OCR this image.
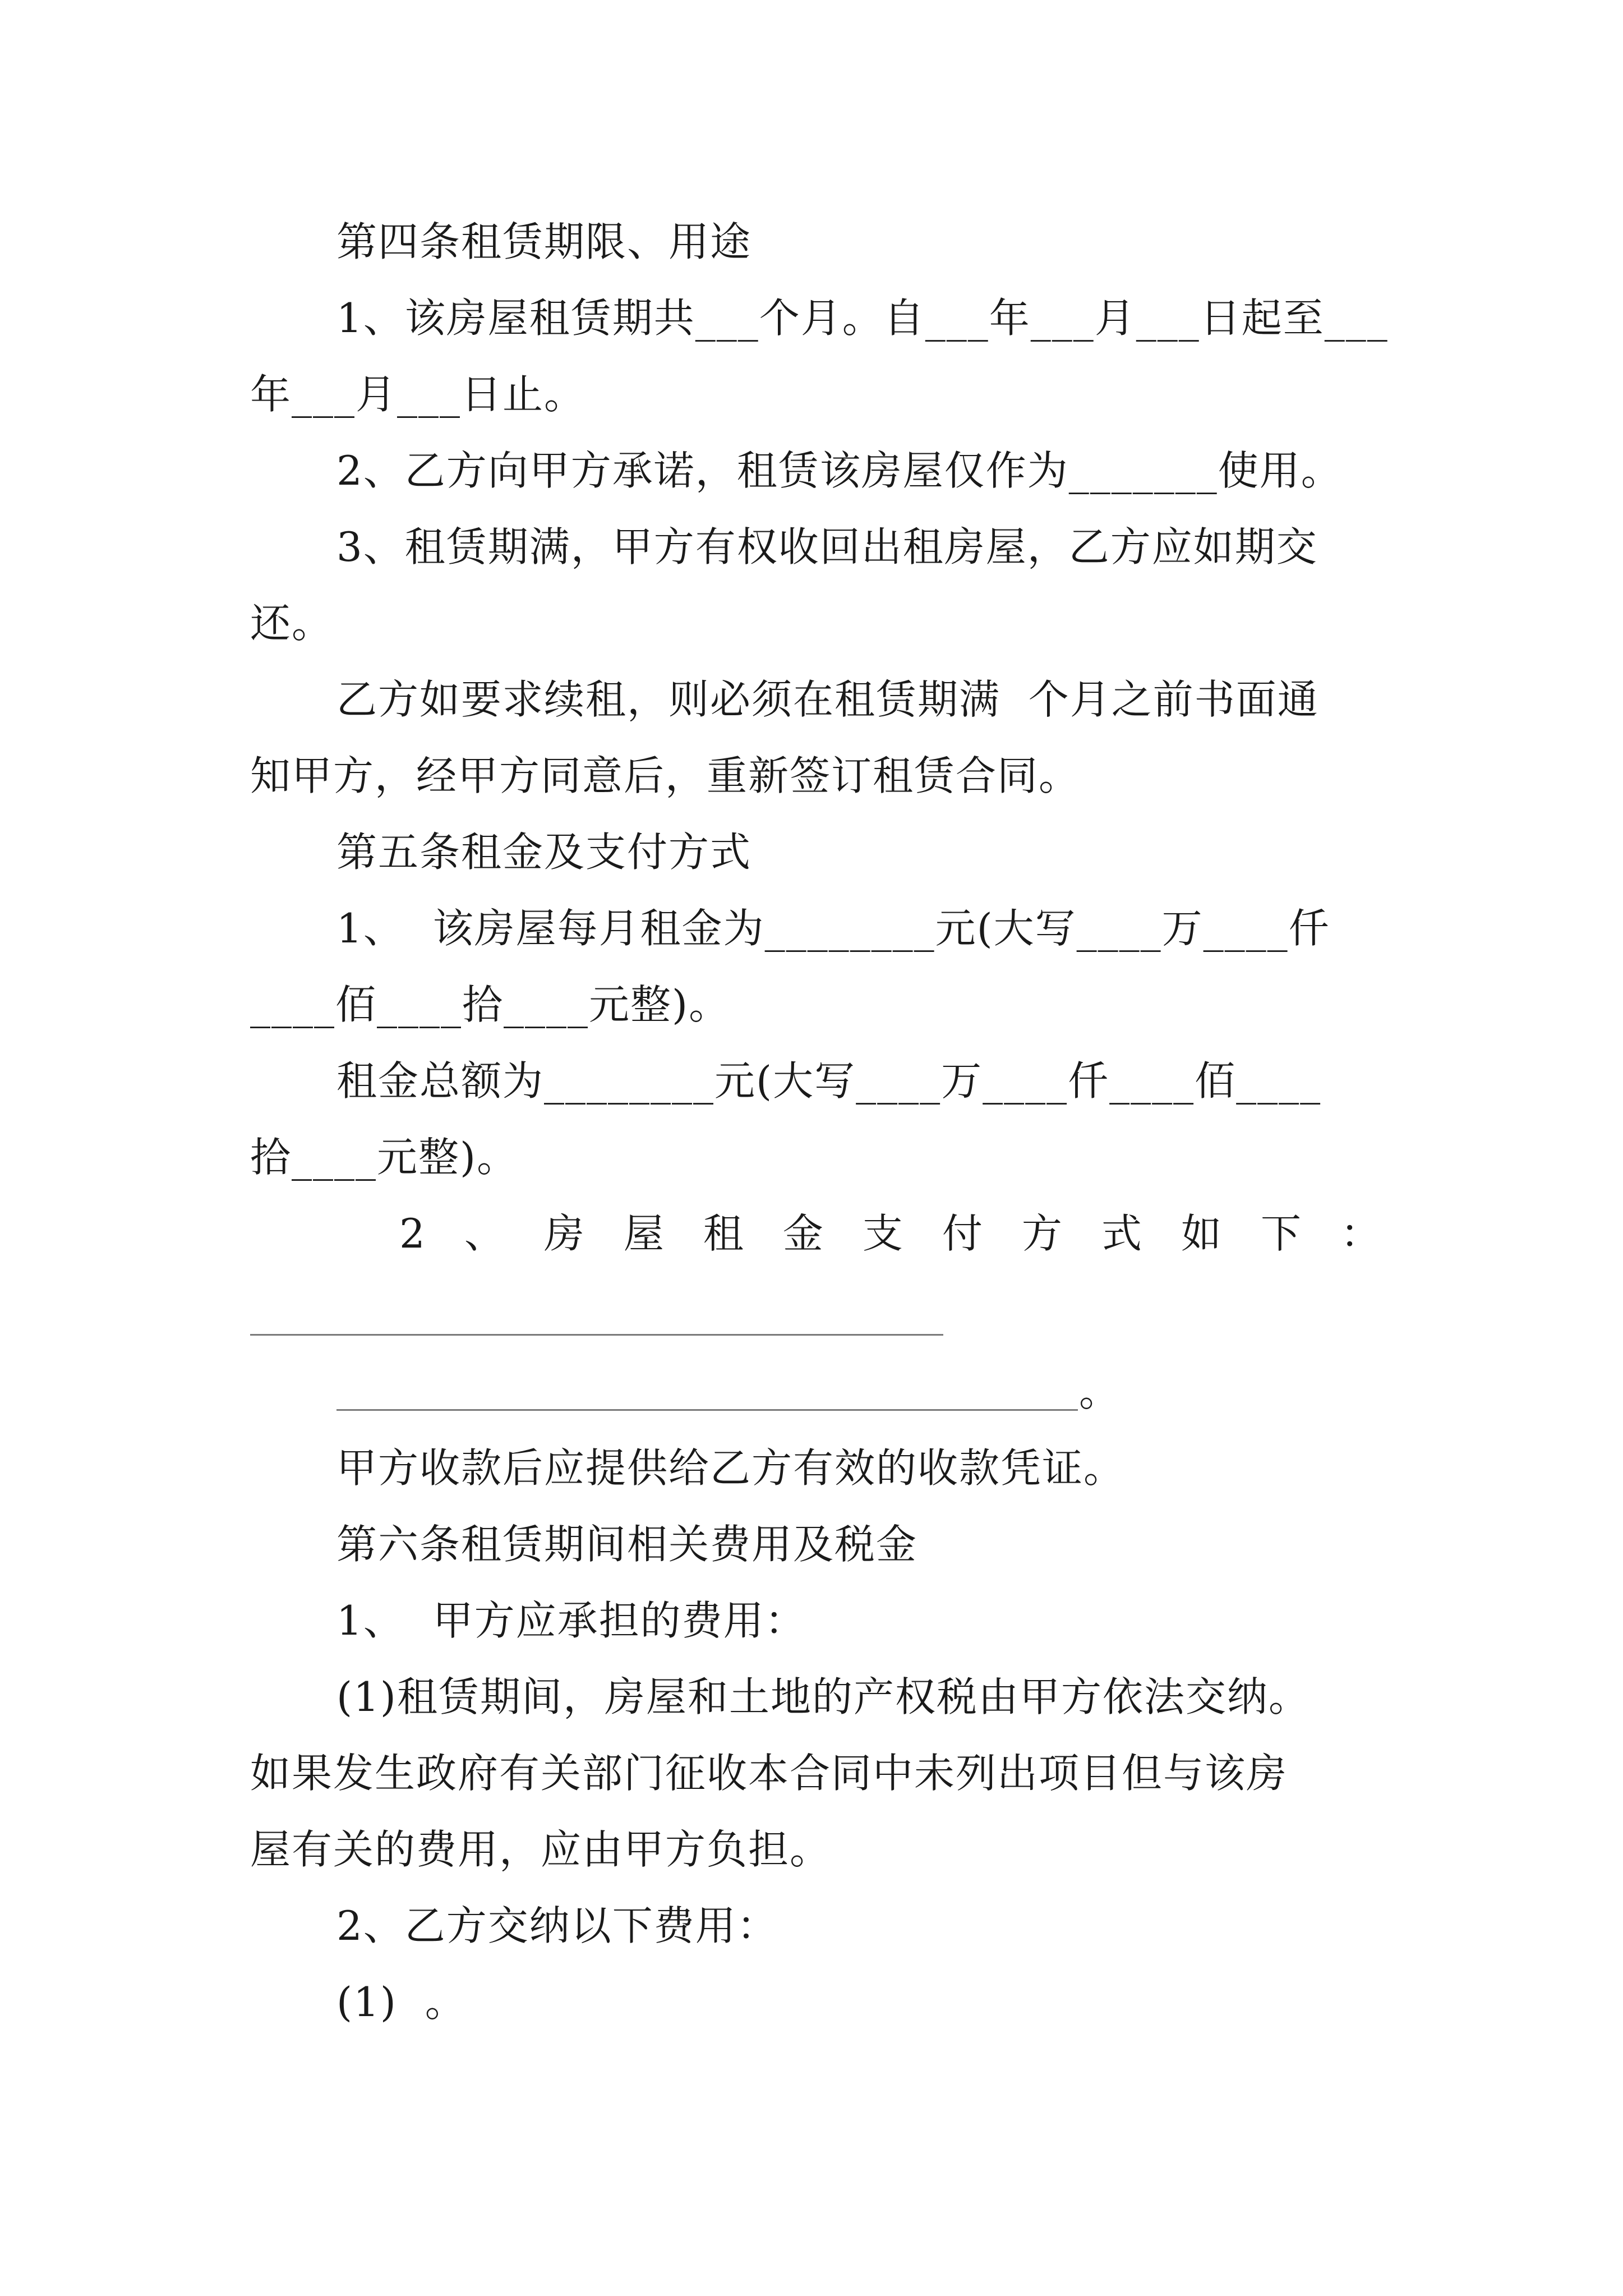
第四条租赁期限、用途
1、该房屋租赁期共___个月。自___年___月___日起至___
年___月___日止。
2、乙方向甲方承诺，租赁该房屋仅作为_______使用。
3、租赁期满，甲方有权收回出租房屋，乙方应如期交
还。
乙方如要求续租，则必须在租赁期满  个月之前书面通
知甲方，经甲方同意后，重新签订租赁合同。
第五条租金及支付方式
1、  该房屋每月租金为________元(大写____万____仟
____佰____拾____元整)。
租金总额为________元(大写____万____仟____佰____
拾____元整)。
2 、 房 屋 租 金 支 付 方 式 如 下 ：
。
甲方收款后应提供给乙方有效的收款凭证。
第六条租赁期间相关费用及税金
1、  甲方应承担的费用：
(1)租赁期间，房屋和土地的产权税由甲方依法交纳。
如果发生政府有关部门征收本合同中未列出项目但与该房
屋有关的费用，应由甲方负担。
2、乙方交纳以下费用：
(1)  。
